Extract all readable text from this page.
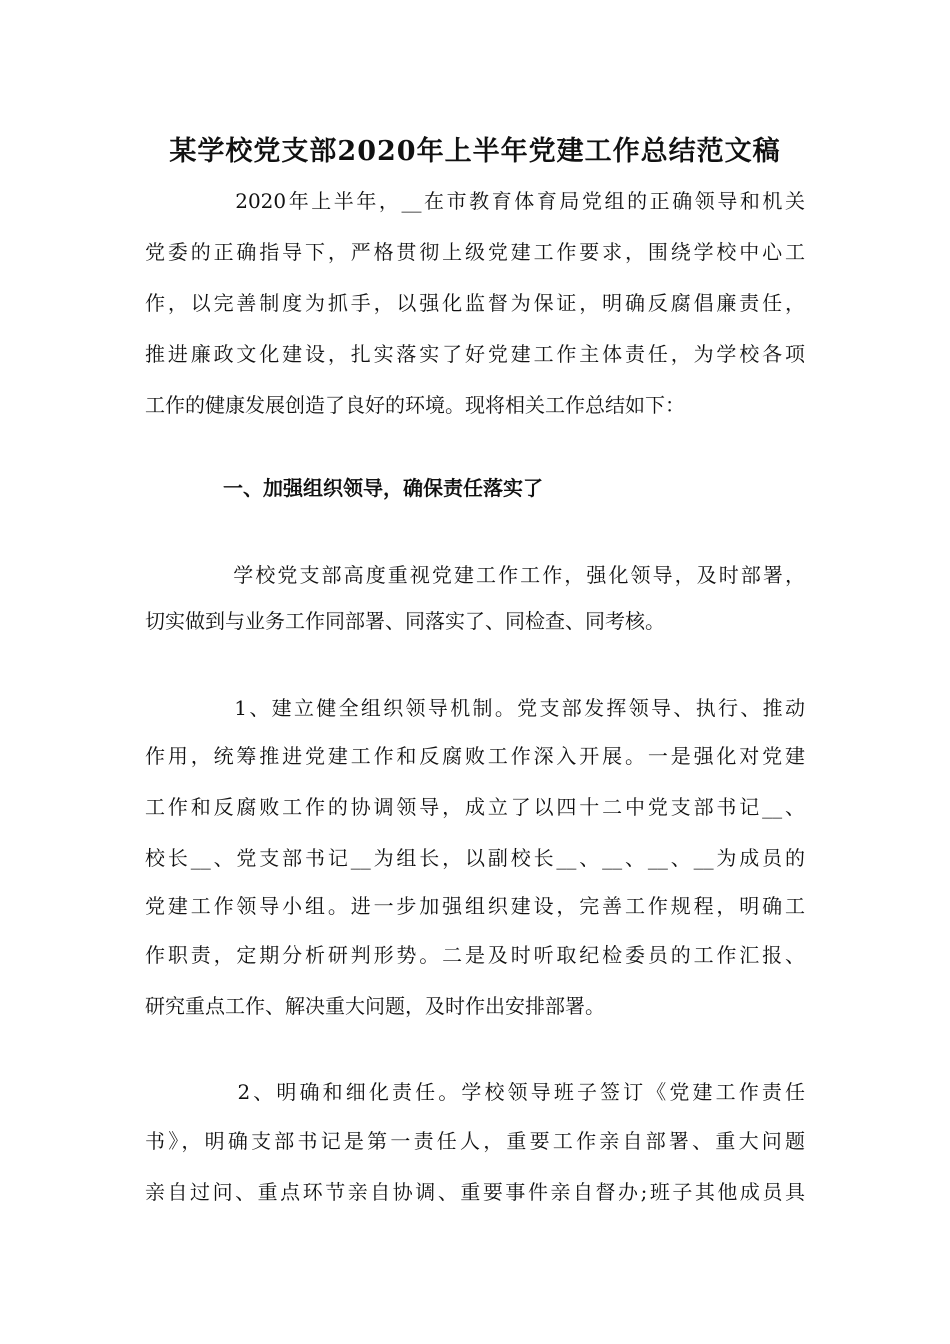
某学校党支部2020年上半年党建工作总结范文稿
　　　　2020年上半年，__在市教育体育局党组的正确领导和机关
党委的正确指导下，严格贯彻上级党建工作要求，围绕学校中心工
作，以完善制度为抓手，以强化监督为保证，明确反腐倡廉责任，
推进廉政文化建设，扎实落实了好党建工作主体责任，为学校各项
工作的健康发展创造了良好的环境。现将相关工作总结如下：
一、加强组织领导，确保责任落实了
　　　　学校党支部高度重视党建工作工作，强化领导，及时部署，
切实做到与业务工作同部署、同落实了、同检查、同考核。
　　　　1、建立健全组织领导机制。党支部发挥领导、执行、推动
作用，统筹推进党建工作和反腐败工作深入开展。一是强化对党建
工作和反腐败工作的协调领导，成立了以四十二中党支部书记__、
校长__、党支部书记__为组长，以副校长__、__、__、__为成员的
党建工作领导小组。进一步加强组织建设，完善工作规程，明确工
作职责，定期分析研判形势。二是及时听取纪检委员的工作汇报、
研究重点工作、解决重大问题，及时作出安排部署。
　　　　2、明确和细化责任。学校领导班子签订《党建工作责任
书》，明确支部书记是第一责任人，重要工作亲自部署、重大问题
亲自过问、重点环节亲自协调、重要事件亲自督办;班子其他成员具
